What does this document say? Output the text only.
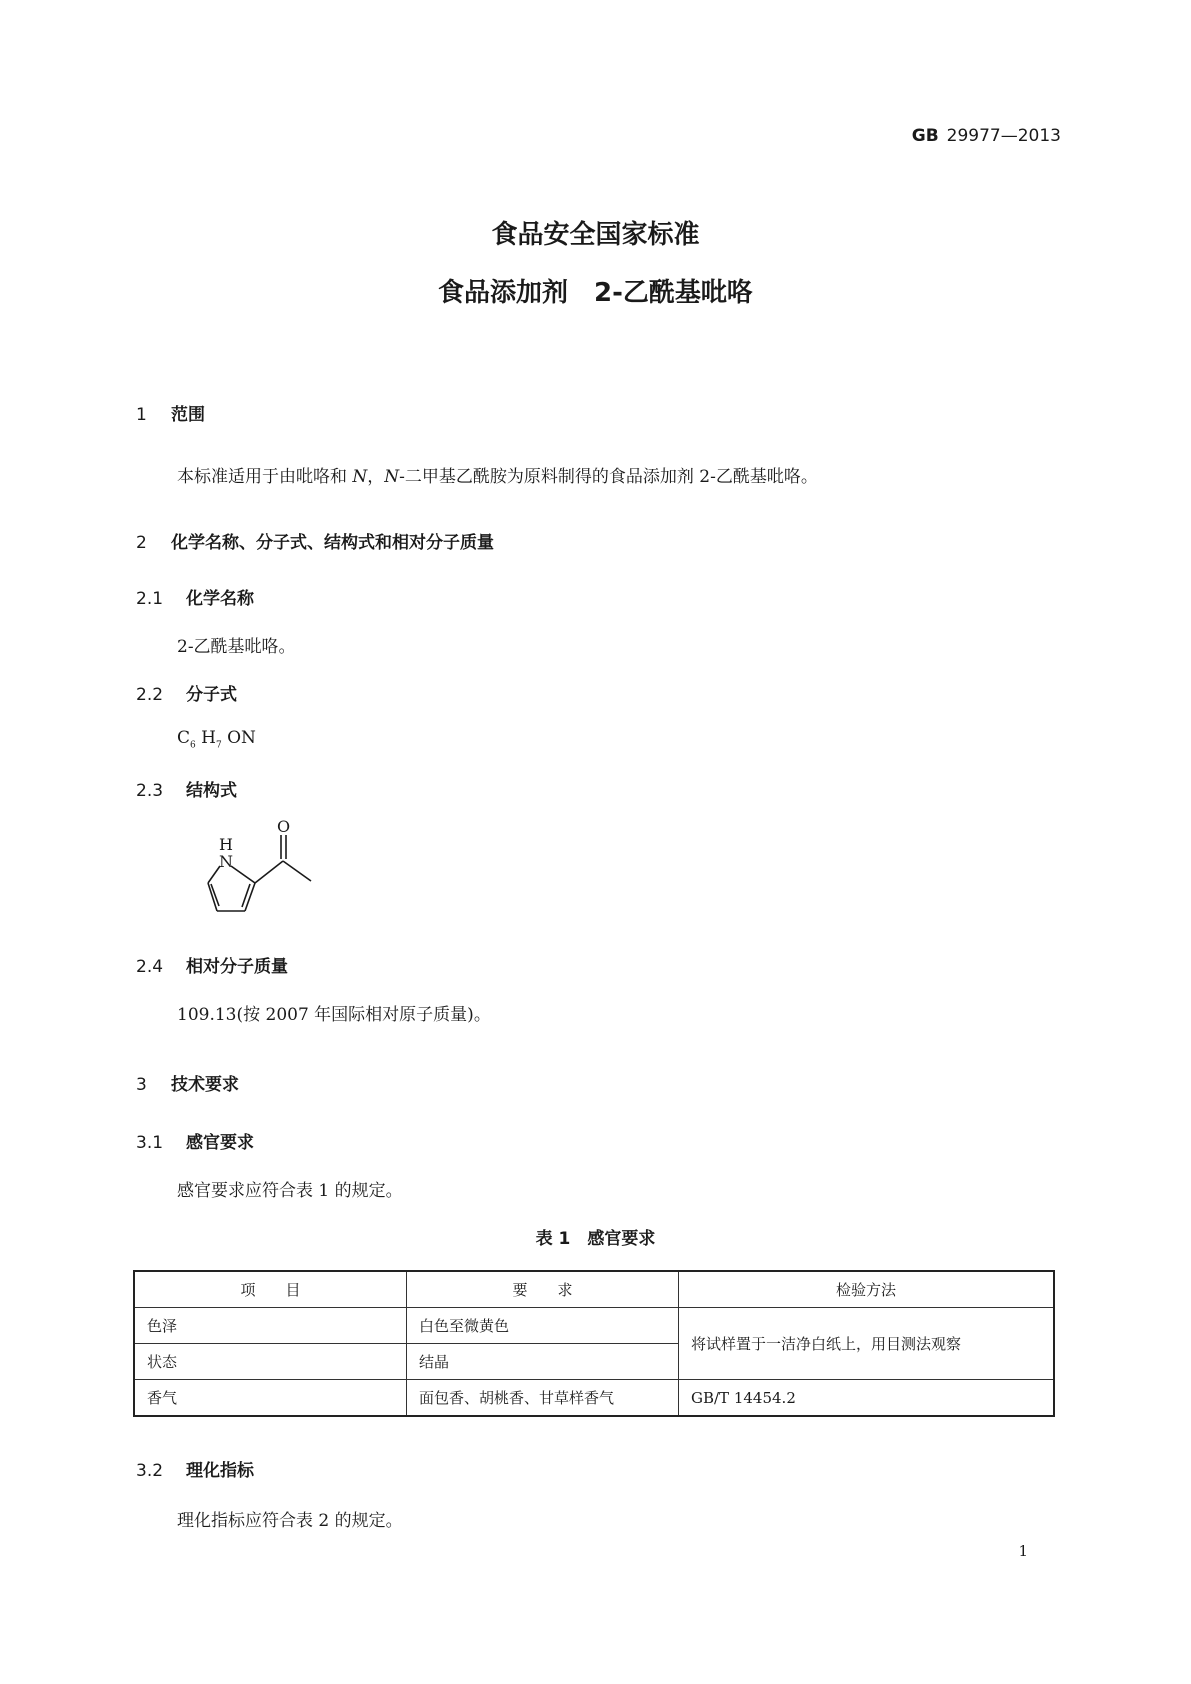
GB 29977—2013
食品安全国家标准
食品添加剂　2-乙酰基吡咯
1 范围
本标准适用于由吡咯和 N，N-二甲基乙酰胺为原料制得的食品添加剂 2-乙酰基吡咯。
2 化学名称、分子式、结构式和相对分子质量
2.1 化学名称
2-乙酰基吡咯。
2.2 分子式
$C_6$ $H_7$ ON
2.3 结构式
O
H
N
2.4 相对分子质量
109.13(按 2007 年国际相对原子质量)。
3 技术要求
3.1 感官要求
感官要求应符合表 1 的规定。
表 1　感官要求
项　　目	要　　求	检验方法
色泽	白色至微黄色	将试样置于一洁净白纸上，用目测法观察
状态	结晶	
香气	面包香、胡桃香、甘草样香气	GB/T 14454.2
3.2 理化指标
理化指标应符合表 2 的规定。
1
